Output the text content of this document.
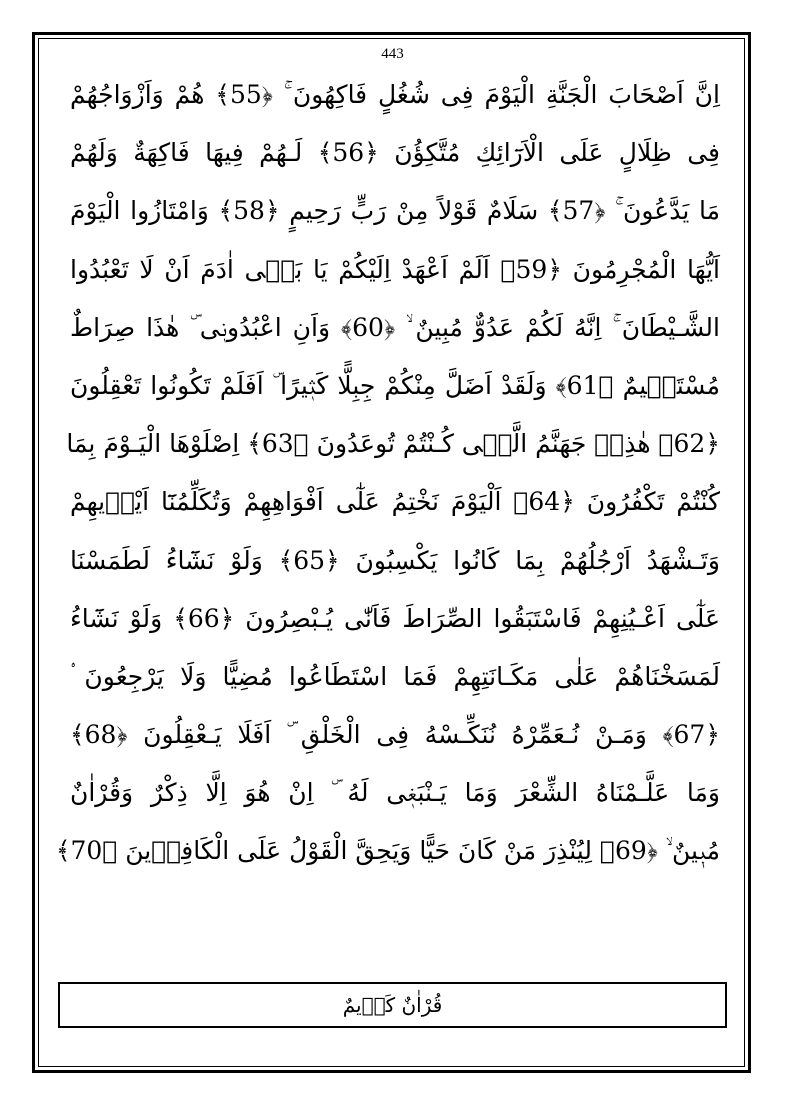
443
اِنَّ اَصْحَابَ الْجَنَّةِ الْيَوْمَ فِى شُغُلٍ فَاكِهُونَ ۚ ﴿55﴾ هُمْ وَاَزْوَاجُهُمْ
فِى ظِلَالٍ عَلَى الْاَرَٓائِكِ مُتَّكِؤُنَ ﴿56﴾ لَـهُمْ فِيهَا فَاكِهَةٌ وَلَهُمْ
مَا يَدَّعُونَ ۚ ﴿57﴾ سَلَامٌ قَوْلاً مِنْ رَبٍّ رَحِيمٍ ﴿58﴾ وَامْتَازُوا الْيَوْمَ
اَيُّهَا الْمُجْرِمُونَ ﴿59﴾ اَلَمْ اَعْهَدْ اِلَيْكُمْ يَا بَنٖى اٰدَمَ اَنْ لَا تَعْبُدُوا
الشَّـيْطَانَ ۚ اِنَّهُ لَكُمْ عَدُوٌّ مُبِينٌ ۙ ﴿60﴾ وَاَنِ اعْبُدُونٖى ۜ هٰذَا صِرَاطٌ
مُسْتَقٖيمٌ ﴿61﴾ وَلَقَدْ اَضَلَّ مِنْكُمْ جِبِلًّا كَثٖيرًا ۜ اَفَلَمْ تَكُونُوا تَعْقِلُونَ
﴿62﴾ هٰذِهٖ جَهَنَّمُ الَّتٖى كُـنْتُمْ تُوعَدُونَ ﴿63﴾ اِصْلَوْهَا الْيَـوْمَ بِمَا
كُنْتُمْ تَكْفُرُونَ ﴿64﴾ اَلْيَوْمَ نَخْتِمُ عَلٰٓى اَفْوَاهِهِمْ وَتُكَلِّمُنَٓا اَيْدٖيهِمْ
وَتَـشْهَدُ اَرْجُلُهُمْ بِمَا كَانُوا يَكْسِبُونَ ﴿65﴾ وَلَوْ نَشَٓاءُ لَطَمَسْنَا
عَلٰٓى اَعْـيُنِهِمْ فَاسْتَبَقُوا الصِّرَاطَ فَاَنّٰى يُـبْصِرُونَ ﴿66﴾ وَلَوْ نَشَٓاءُ
لَمَسَخْنَاهُمْ عَلٰى مَكَـانَتِهِمْ فَمَا اسْتَطَاعُوا مُضِيًّا وَلَا يَرْجِعُونَ ۟
﴿67﴾ وَمَـنْ نُـعَمِّرْهُ نُنَكِّـسْهُ فِى الْخَلْقِ ۜ اَفَلَا يَـعْقِلُونَ ﴿68﴾
وَمَا عَلَّـمْنَاهُ الشِّعْرَ وَمَا يَـنْبَغٖى لَهُ ۜ اِنْ هُوَ اِلَّا ذِكْرٌ وَقُرْاٰنٌ
مُبٖينٌ ۙ ﴿69﴾ لِيُنْذِرَ مَنْ كَانَ حَيًّا وَيَحِقَّ الْقَوْلُ عَلَى الْكَافِرٖينَ ﴿70﴾
قُرْاٰنٌ كَرٖيمٌ
